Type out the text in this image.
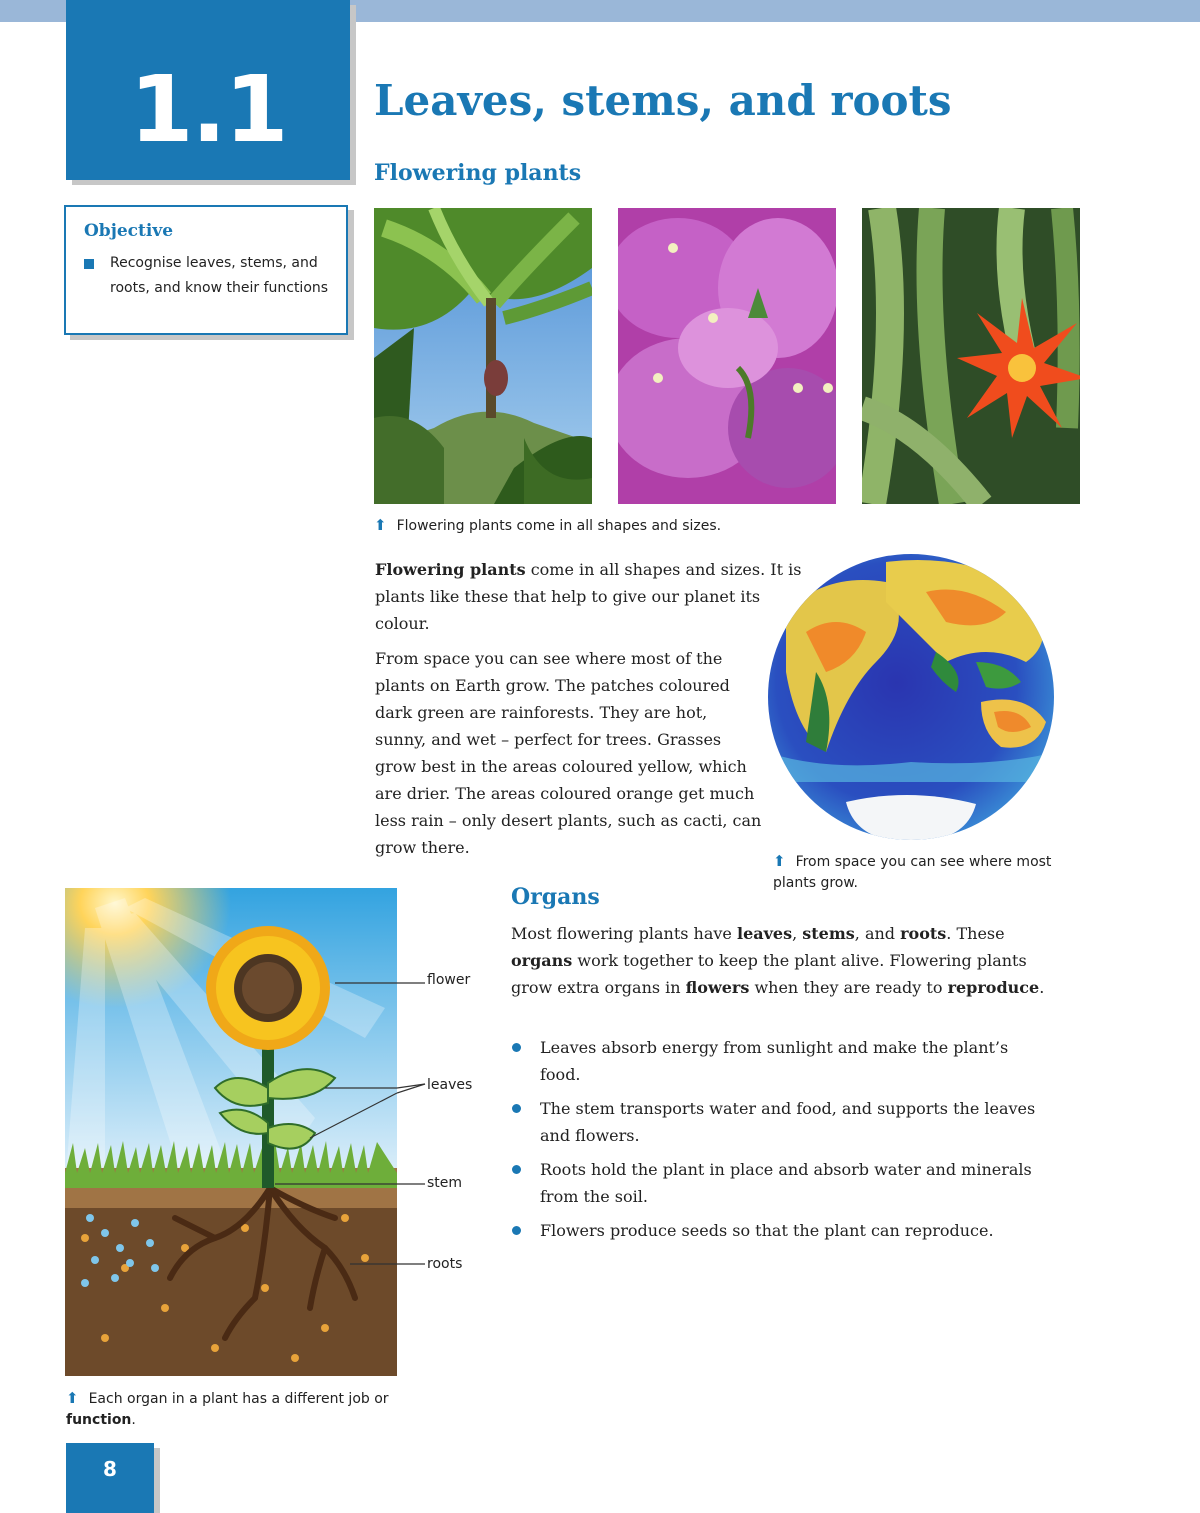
1.1	Leaves, stems, and roots
Flowering plants
Objective
Recognise leaves, stems, and roots, and know their functions
⬆ Flowering plants come in all shapes and sizes.
Flowering plants come in all shapes and sizes. It is plants like these that help to give our planet its colour.
From space you can see where most of the plants on Earth grow. The patches coloured dark green are rainforests. They are hot, sunny, and wet – perfect for trees. Grasses grow best in the areas coloured yellow, which are drier. The areas coloured orange get much less rain – only desert plants, such as cacti, can grow there.
⬆ From space you can see where most plants grow.
flower
leaves
stem
roots
⬆ Each organ in a plant has a different job or function.
Organs
Most flowering plants have leaves, stems, and roots. These organs work together to keep the plant alive. Flowering plants grow extra organs in flowers when they are ready to reproduce.
Leaves absorb energy from sunlight and make the plant’s food.
The stem transports water and food, and supports the leaves and flowers.
Roots hold the plant in place and absorb water and minerals from the soil.
Flowers produce seeds so that the plant can reproduce.
8
